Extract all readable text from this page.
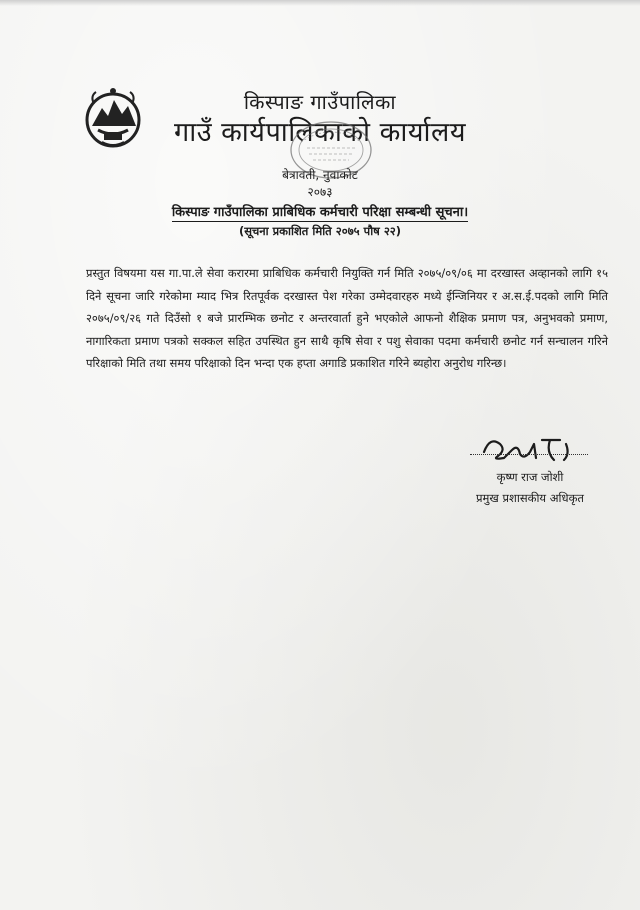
किस्पाङ गाउँपालिका
गाउँ कार्यपालिकाको कार्यालय
बेत्रावती, नुवाकोट
२०७३
किस्पाङ गाउँपालिका प्राबिधिक कर्मचारी परिक्षा सम्बन्धी सूचना।
(सूचना प्रकाशित मिति २०७५ पौष २२)

प्रस्तुत विषयमा यस गा.पा.ले सेवा करारमा प्राबिधिक कर्मचारी नियुक्ति गर्न मिति २०७५/०९/०६ मा दरखास्त अव्हानको लागि १५ दिने सूचना जारि गरेकोमा म्याद भित्र रितपूर्वक दरखास्त पेश गरेका उम्मेदवारहरु मध्ये ईन्जिनियर र अ.स.ई.पदको लागि मिति २०७५/०९/२६ गते दिउँसो १ बजे प्रारम्भिक छनोट र अन्तरवार्ता हुने भएकोले आफनो शैक्षिक प्रमाण पत्र, अनुभवको प्रमाण, नागारिकता प्रमाण पत्रको सक्कल सहित उपस्थित हुन साथै कृषि सेवा र पशु सेवाका पदमा कर्मचारी छनोट गर्न सन्चालन गरिने परिक्षाको मिति तथा समय परिक्षाको दिन भन्दा एक हप्ता अगाडि प्रकाशित गरिने ब्यहोरा अनुरोध गरिन्छ।

कृष्ण राज जोशी
प्रमुख प्रशासकीय अधिकृत
